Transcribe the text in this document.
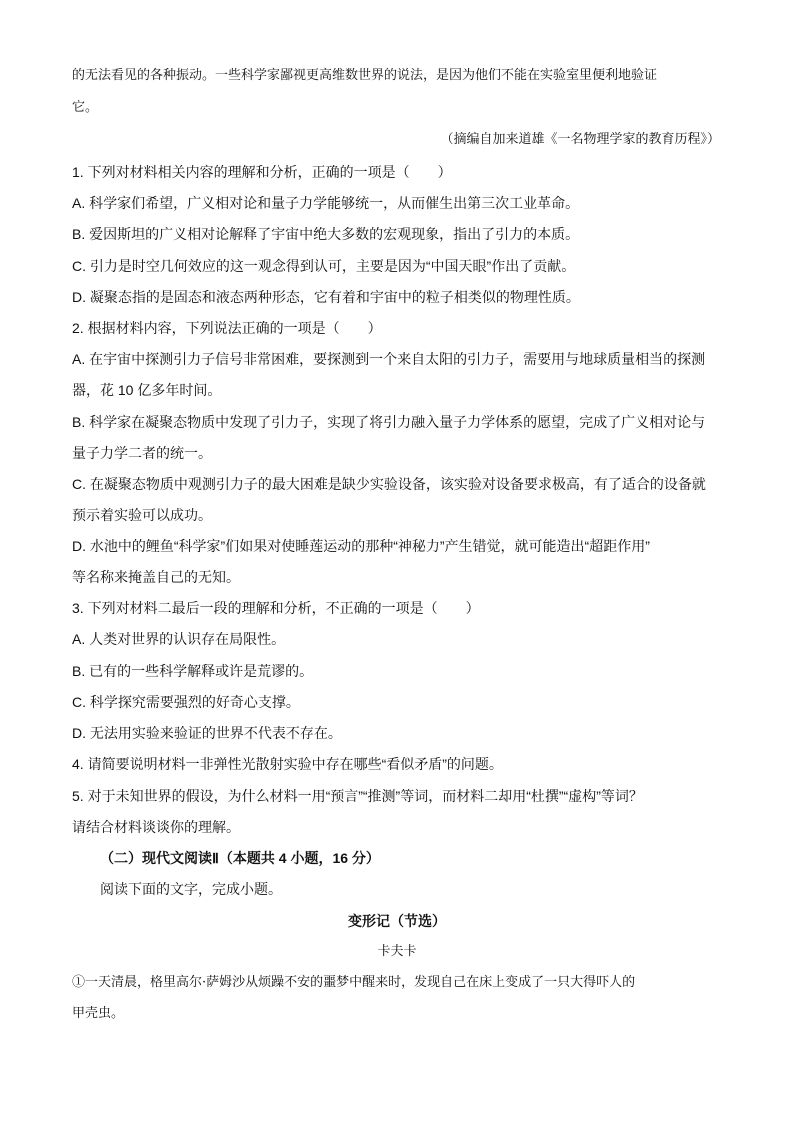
的无法看见的各种振动。一些科学家鄙视更高维数世界的说法，是因为他们不能在实验室里便利地验证
它。
（摘编自加来道雄《一名物理学家的教育历程》）
1. 下列对材料相关内容的理解和分析，正确的一项是（　　）
A. 科学家们希望，广义相对论和量子力学能够统一，从而催生出第三次工业革命。
B. 爱因斯坦的广义相对论解释了宇宙中绝大多数的宏观现象，指出了引力的本质。
C. 引力是时空几何效应的这一观念得到认可，主要是因为“中国天眼”作出了贡献。
D. 凝聚态指的是固态和液态两种形态，它有着和宇宙中的粒子相类似的物理性质。
2. 根据材料内容，下列说法正确的一项是（　　）
A. 在宇宙中探测引力子信号非常困难，要探测到一个来自太阳的引力子，需要用与地球质量相当的探测
器，花 10 亿多年时间。
B. 科学家在凝聚态物质中发现了引力子，实现了将引力融入量子力学体系的愿望，完成了广义相对论与
量子力学二者的统一。
C. 在凝聚态物质中观测引力子的最大困难是缺少实验设备，该实验对设备要求极高，有了适合的设备就
预示着实验可以成功。
D. 水池中的鲤鱼“科学家”们如果对使睡莲运动的那种“神秘力”产生错觉，就可能造出“超距作用”
等名称来掩盖自己的无知。
3. 下列对材料二最后一段的理解和分析，不正确的一项是（　　）
A. 人类对世界的认识存在局限性。
B. 已有的一些科学解释或许是荒谬的。
C. 科学探究需要强烈的好奇心支撑。
D. 无法用实验来验证的世界不代表不存在。
4. 请简要说明材料一非弹性光散射实验中存在哪些“看似矛盾”的问题。
5. 对于未知世界的假设，为什么材料一用“预言”“推测”等词，而材料二却用“杜撰”“虚构”等词？
请结合材料谈谈你的理解。
（二）现代文阅读Ⅱ（本题共 4 小题，16 分）
阅读下面的文字，完成小题。
变形记（节选）
卡夫卡
①一天清晨，格里高尔·萨姆沙从烦躁不安的噩梦中醒来时，发现自己在床上变成了一只大得吓人的
甲壳虫。
